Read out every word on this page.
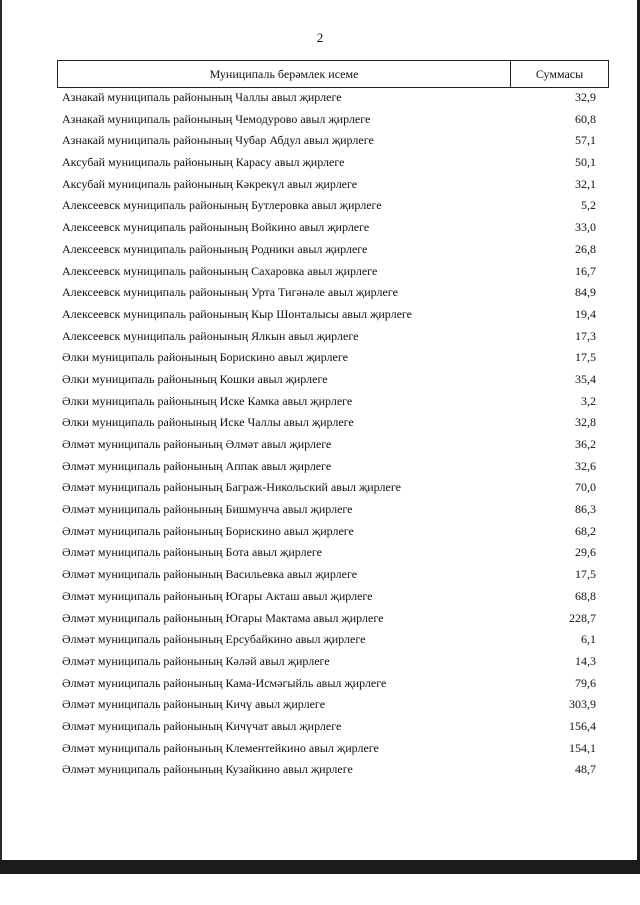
2
Муниципаль берәмлек исеме	Суммасы
Азнакай муниципаль районының Чаллы авыл җирлеге	32,9
Азнакай муниципаль районының Чемодурово авыл җирлеге	60,8
Азнакай муниципаль районының Чубар Абдул авыл җирлеге	57,1
Аксубай муниципаль районының Карасу авыл җирлеге	50,1
Аксубай муниципаль районының Кәкрекүл авыл җирлеге	32,1
Алексеевск муниципаль районының Бутлеровка авыл җирлеге	5,2
Алексеевск муниципаль районының Войкино авыл җирлеге	33,0
Алексеевск муниципаль районының Родники авыл җирлеге	26,8
Алексеевск муниципаль районының Сахаровка авыл җирлеге	16,7
Алексеевск муниципаль районының Урта Тигәнәле авыл җирлеге	84,9
Алексеевск муниципаль районының Кыр Шонталысы авыл җирлеге	19,4
Алексеевск муниципаль районының Ялкын авыл җирлеге	17,3
Әлки муниципаль районының Борискино авыл җирлеге	17,5
Әлки муниципаль районының Кошки авыл җирлеге	35,4
Әлки муниципаль районының Иске Камка авыл җирлеге	3,2
Әлки муниципаль районының Иске Чаллы авыл җирлеге	32,8
Әлмәт муниципаль районының Әлмәт авыл җирлеге	36,2
Әлмәт муниципаль районының Аппак авыл җирлеге	32,6
Әлмәт муниципаль районының Баграж-Никольский авыл җирлеге	70,0
Әлмәт муниципаль районының Бишмунча авыл җирлеге	86,3
Әлмәт муниципаль районының Борискино авыл җирлеге	68,2
Әлмәт муниципаль районының Бота авыл җирлеге	29,6
Әлмәт муниципаль районының Васильевка авыл җирлеге	17,5
Әлмәт муниципаль районының Югары Акташ авыл җирлеге	68,8
Әлмәт муниципаль районының Югары Мактама авыл җирлеге	228,7
Әлмәт муниципаль районының Ерсубайкино авыл җирлеге	6,1
Әлмәт муниципаль районының Кәләй авыл җирлеге	14,3
Әлмәт муниципаль районының Кама-Исмәгыйль авыл җирлеге	79,6
Әлмәт муниципаль районының Кичү авыл җирлеге	303,9
Әлмәт муниципаль районының Кичүчат авыл җирлеге	156,4
Әлмәт муниципаль районының Клементейкино авыл җирлеге	154,1
Әлмәт муниципаль районының Кузайкино авыл җирлеге	48,7
